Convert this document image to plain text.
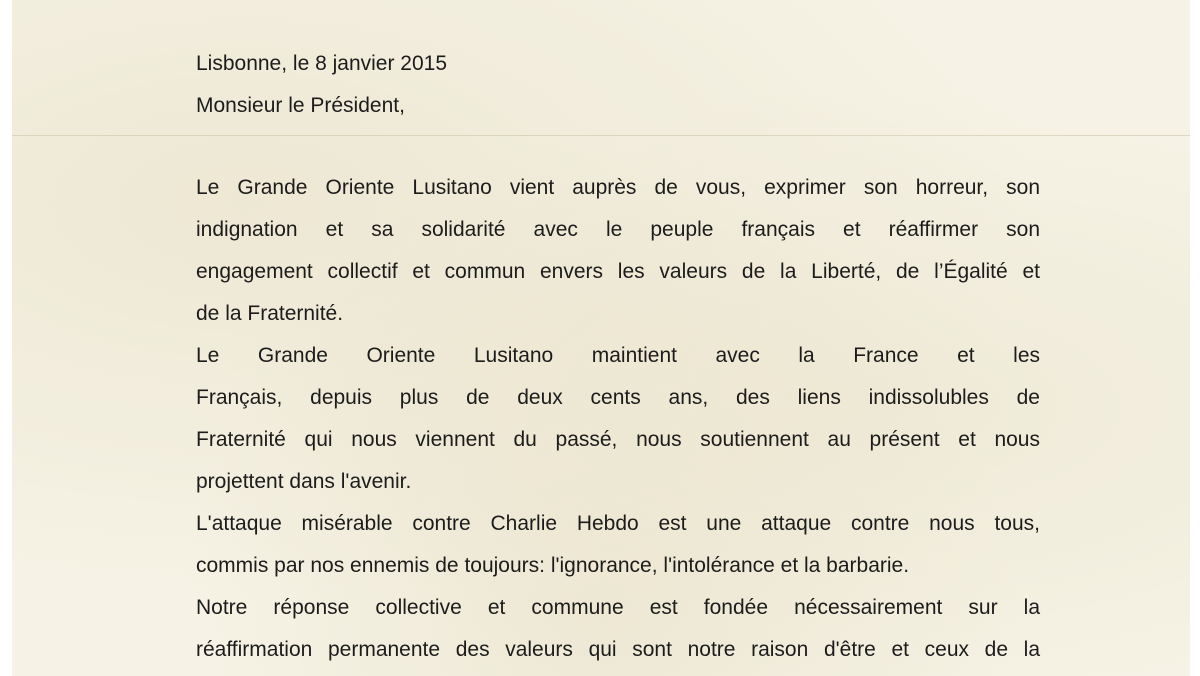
Lisbonne, le 8 janvier 2015
Monsieur le Président,
Le Grande Oriente Lusitano vient auprès de vous, exprimer son horreur, son
indignation et sa solidarité avec le peuple français et réaffirmer son
engagement collectif et commun envers les valeurs de la Liberté, de l’Égalité et
de la Fraternité.
Le Grande Oriente Lusitano maintient avec la France et les
Français, depuis plus de deux cents ans, des liens indissolubles de
Fraternité qui nous viennent du passé, nous soutiennent au présent et nous
projettent dans l'avenir.
L'attaque misérable contre Charlie Hebdo est une attaque contre nous tous,
commis par nos ennemis de toujours: l'ignorance, l'intolérance et la barbarie.
Notre réponse collective et commune est fondée nécessairement sur la
réaffirmation permanente des valeurs qui sont notre raison d'être et ceux de la
